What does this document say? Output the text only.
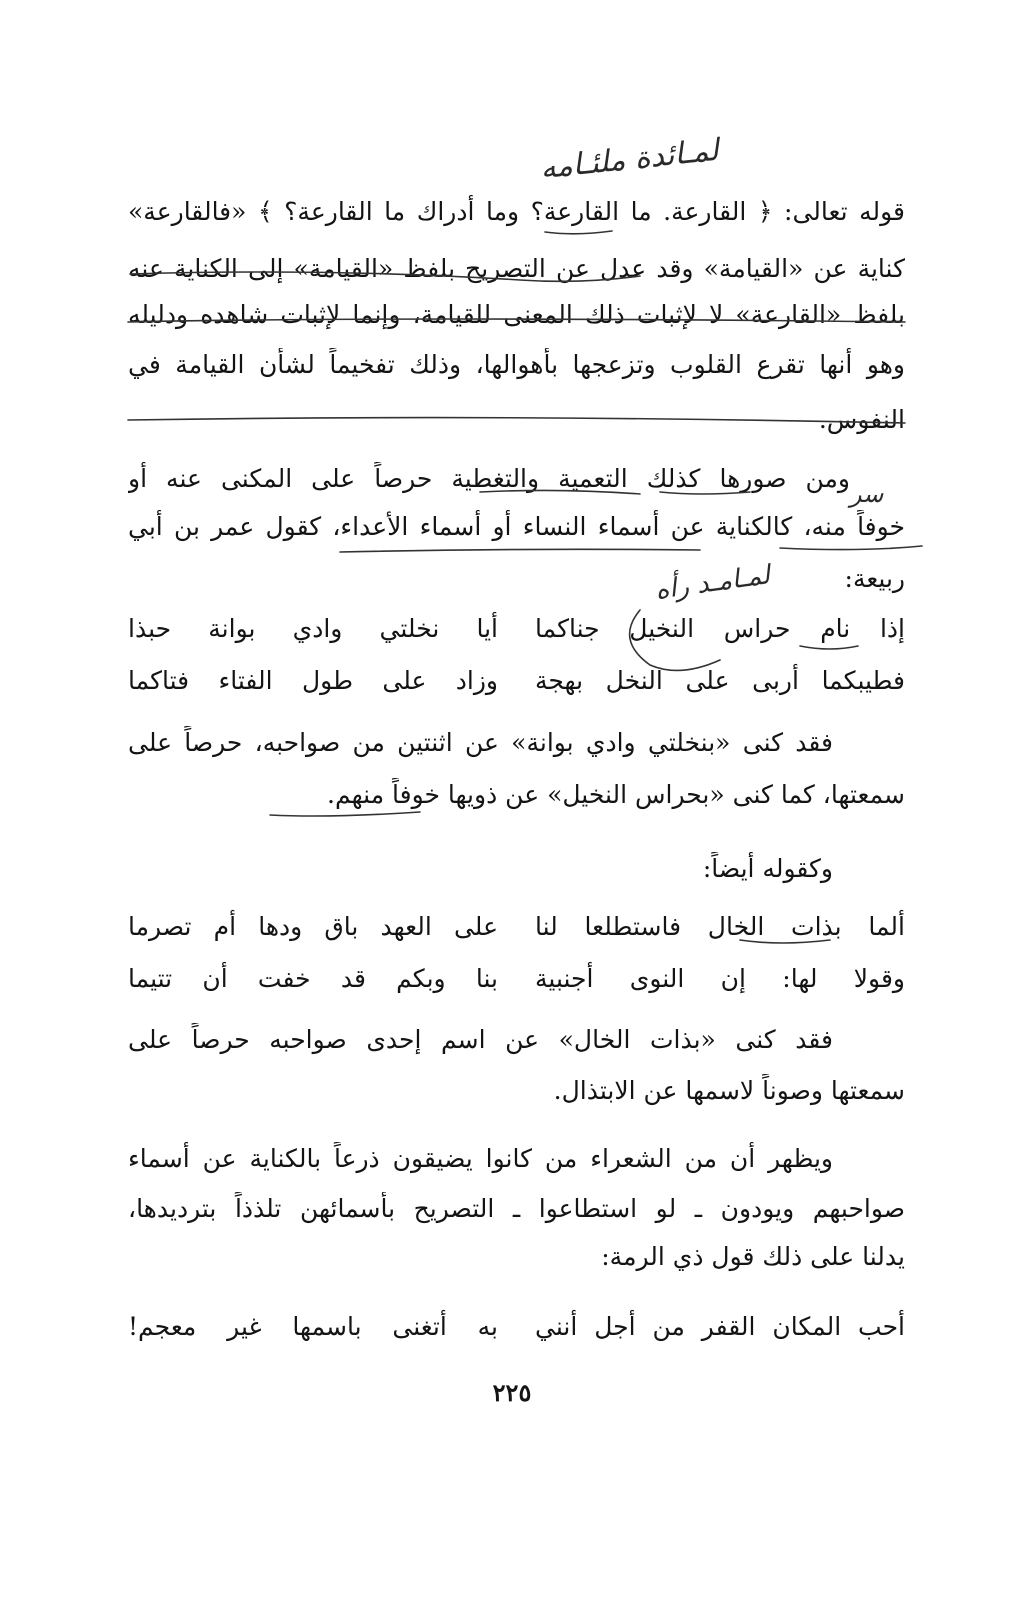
لمـائدة ملئـامه
لمـامـد رأه
سر
قوله تعالى: ﴿ القارعة. ما القارعة؟ وما أدراك ما القارعة؟ ﴾ «فالقارعة»
كناية عن «القيامة» وقد عدل عن التصريح بلفظ «القيامة» إلى الكناية عنه
بلفظ «القارعة» لا لإثبات ذلك المعنى للقيامة، وإنما لإثبات شاهده ودليله
وهو أنها تقرع القلوب وتزعجها بأهوالها، وذلك تفخيماً لشأن القيامة في
النفوس.
ومن صورها كذلك التعمية والتغطية حرصاً على المكنى عنه أو
خوفاً منه، كالكناية عن أسماء النساء أو أسماء الأعداء، كقول عمر بن أبي
ربيعة:
إذا نام حراس النخيل جناكما
أيا نخلتي وادي بوانة حبذا
فطيبكما أربى على النخل بهجة
وزاد على طول الفتاء فتاكما
فقد كنى «بنخلتي وادي بوانة» عن اثنتين من صواحبه، حرصاً على
سمعتها، كما كنى «بحراس النخيل» عن ذويها خوفاً منهم.
وكقوله أيضاً:
ألما بذات الخال فاستطلعا لنا
على العهد باق ودها أم تصرما
وقولا لها: إن النوى أجنبية
بنا وبكم قد خفت أن تتيما
فقد كنى «بذات الخال» عن اسم إحدى صواحبه حرصاً على
سمعتها وصوناً لاسمها عن الابتذال.
ويظهر أن من الشعراء من كانوا يضيقون ذرعاً بالكناية عن أسماء
صواحبهم ويودون ـ لو استطاعوا ـ التصريح بأسمائهن تلذذاً بترديدها،
يدلنا على ذلك قول ذي الرمة:
أحب المكان القفر من أجل أنني
به أتغنى باسمها غير معجم!
٢٢٥
